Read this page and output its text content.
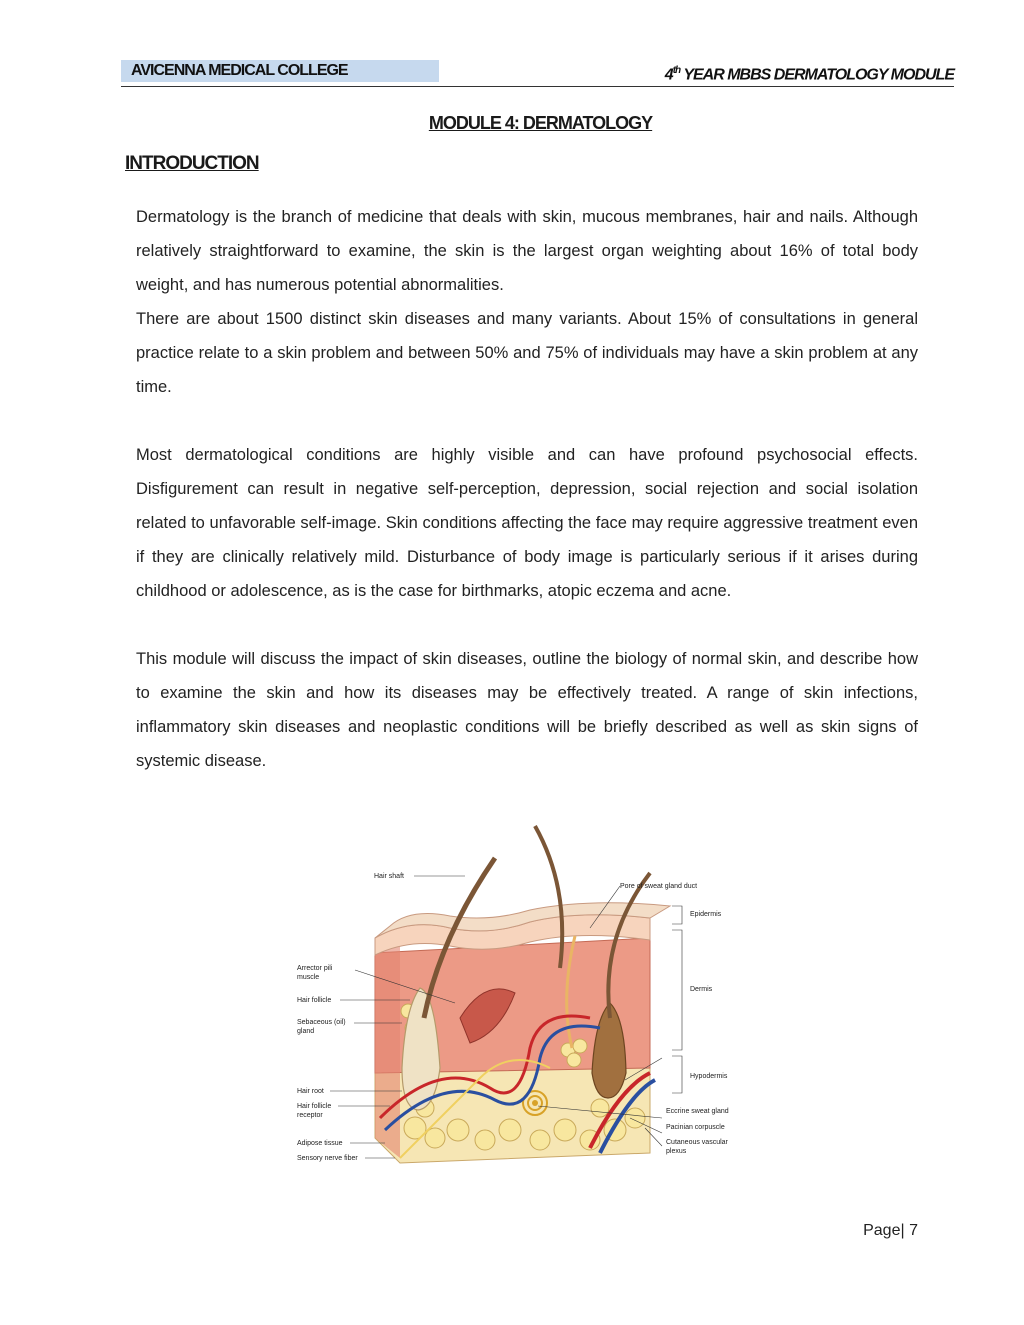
AVICENNA MEDICAL COLLEGE	4th YEAR MBBS DERMATOLOGY MODULE
MODULE 4: DERMATOLOGY
INTRODUCTION

Dermatology is the branch of medicine that deals with skin, mucous membranes, hair and nails. Although relatively straightforward to examine, the skin is the largest organ weighting about 16% of total body weight, and has numerous potential abnormalities.

There are about 1500 distinct skin diseases and many variants. About 15% of consultations in general practice relate to a skin problem and between 50% and 75% of individuals may have a skin problem at any time.

Most dermatological conditions are highly visible and can have profound psychosocial effects. Disfigurement can result in negative self-perception, depression, social rejection and social isolation related to unfavorable self-image. Skin conditions affecting the face may require aggressive treatment even if they are clinically relatively mild. Disturbance of body image is particularly serious if it arises during childhood or adolescence, as is the case for birthmarks, atopic eczema and acne.

This module will discuss the impact of skin diseases, outline the biology of normal skin, and describe how to examine the skin and how its diseases may be effectively treated. A range of skin infections, inflammatory skin diseases and neoplastic conditions will be briefly described as well as skin signs of systemic disease.

Hair shaft
Arrector pili
muscle
Hair follicle
Sebaceous (oil)
gland
Hair root
Hair follicle
receptor
Adipose tissue
Sensory nerve fiber
Pore of sweat gland duct
Epidermis
Dermis
Hypodermis
Eccrine sweat gland
Pacinian corpuscle
Cutaneous vascular
plexus
Page| 7
